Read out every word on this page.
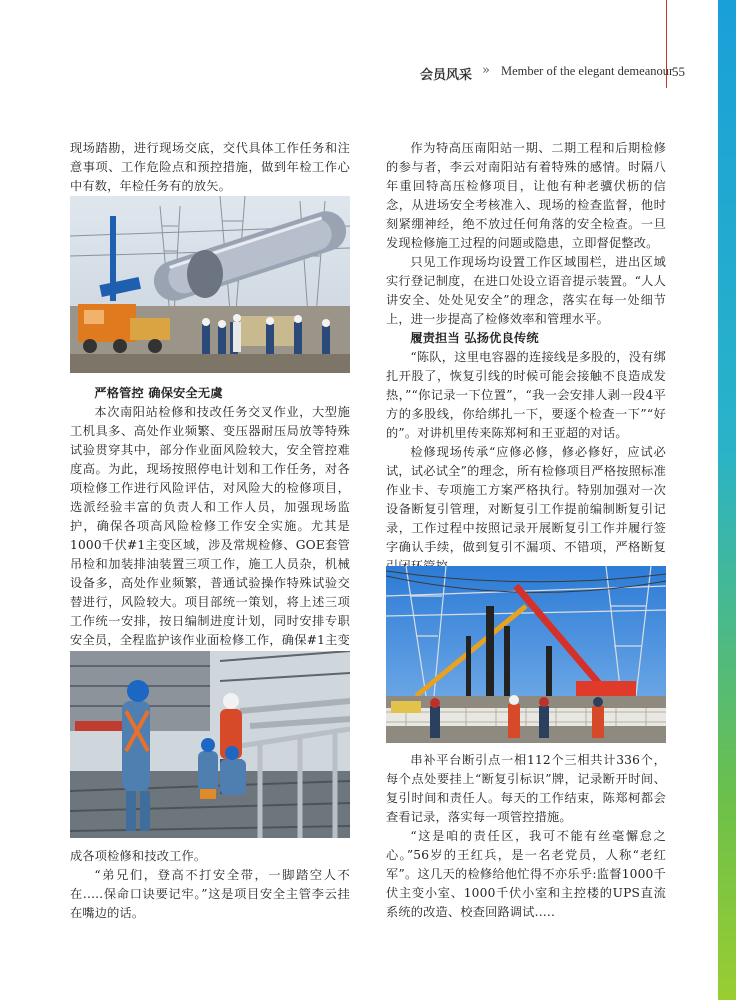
会员风采 » Member of the elegant demeanour
55

现场踏勘，进行现场交底，交代具体工作任务和注意事项、工作危险点和预控措施，做到年检工作心中有数，年检任务有的放矢。

严格管控 确保安全无虞

本次南阳站检修和技改任务交叉作业，大型施工机具多、高处作业频繁、变压器耐压局放等特殊试验贯穿其中，部分作业面风险较大，安全管控难度高。为此，现场按照停电计划和工作任务，对各项检修工作进行风险评估，对风险大的检修项目，选派经验丰富的负责人和工作人员，加强现场监护，确保各项高风险检修工作安全实施。尤其是1000千伏#1主变区域，涉及常规检修、GOE套管吊检和加装排油装置三项工作，施工人员杂，机械设备多，高处作业频繁，普通试验操作特殊试验交替进行，风险较大。项目部统一策划，将上述三项工作统一安排，按日编制进度计划，同时安排专职安全员，全程监护该作业面检修工作，确保#1主变

成各项检修和技改工作。

“弟兄们，登高不打安全带，一脚踏空人不在.....保命口诀要记牢。”这是项目安全主管李云挂在嘴边的话。

作为特高压南阳站一期、二期工程和后期检修的参与者，李云对南阳站有着特殊的感情。时隔八年重回特高压检修项目，让他有种老骥伏枥的信念，从进场安全考核准入、现场的检查监督，他时刻紧绷神经，绝不放过任何角落的安全检查。一旦发现检修施工过程的问题或隐患，立即督促整改。

只见工作现场均设置工作区域围栏，进出区域实行登记制度，在进口处设立语音提示装置。“人人讲安全、处处见安全”的理念，落实在每一处细节上，进一步提高了检修效率和管理水平。

履责担当 弘扬优良传统

“陈队，这里电容器的连接线是多股的，没有绑扎开股了，恢复引线的时候可能会接触不良造成发热，”“你记录一下位置”，“我一会安排人剥一段4平方的多股线，你给绑扎一下，要逐个检查一下”“好的”。对讲机里传来陈郑柯和王亚超的对话。

检修现场传承“应修必修，修必修好，应试必试，试必试全”的理念，所有检修项目严格按照标准作业卡、专项施工方案严格执行。特别加强对一次设备断复引管理，对断复引工作提前编制断复引记录，工作过程中按照记录开展断复引工作并履行签字确认手续，做到复引不漏项、不错项，严格断复

串补平台断引点一相112个三相共计336个，每个点处要挂上“断复引标识”牌，记录断开时间、复引时间和责任人。每天的工作结束，陈郑柯都会查看记录，落实每一项管控措施。

“这是咱的责任区，我可不能有丝毫懈怠之心。”56岁的王红兵，是一名老党员，人称“老红军”。这几天的检修给他忙得不亦乐乎:监督1000千伏主变小室、1000千伏小室和主控楼的UPS直流系统的改造、校查回路调试.....
